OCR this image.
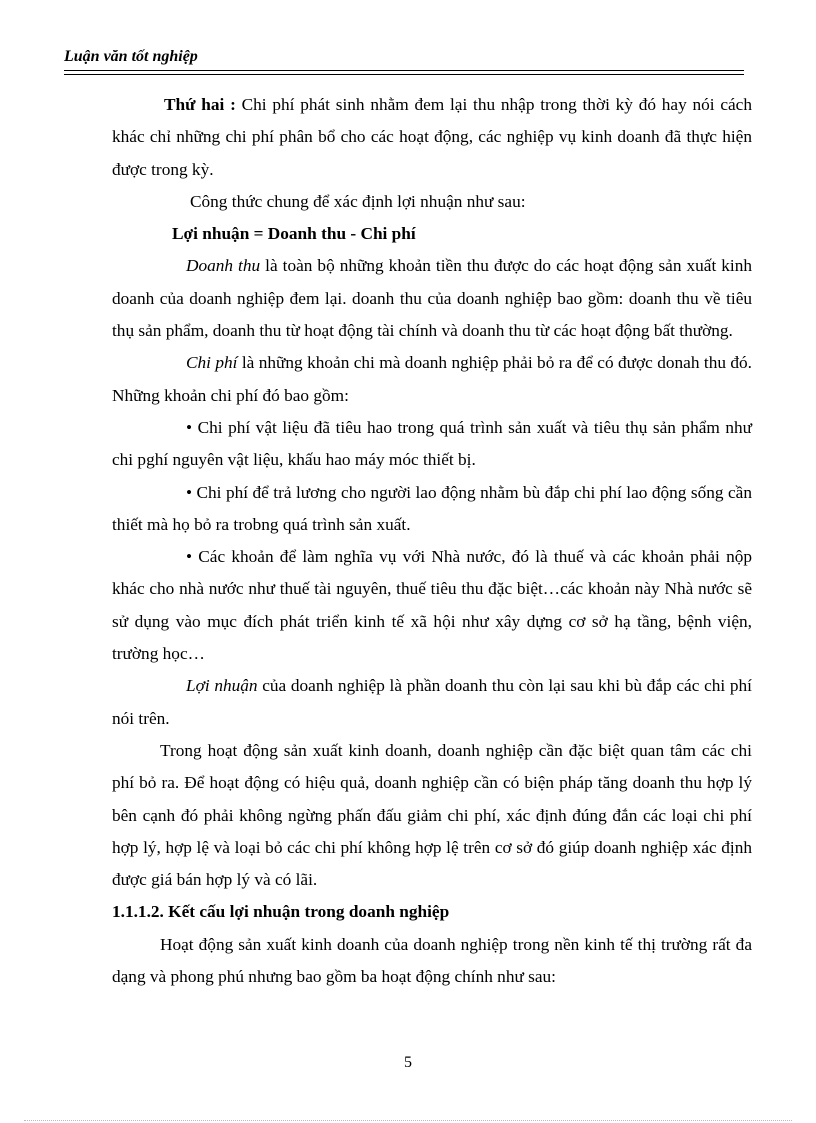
Luận văn tốt nghiệp

Thứ hai : Chi phí phát sinh nhằm đem lại thu nhập trong thời kỳ đó hay nói cách khác chỉ những chi phí phân bổ cho các hoạt động, các nghiệp vụ kinh doanh đã thực hiện được trong kỳ.

Công thức chung để xác định lợi nhuận như sau:

Lợi nhuận = Doanh thu - Chi phí

Doanh thu là toàn bộ những khoản tiền thu được do các hoạt động sản xuất kinh doanh của doanh nghiệp đem lại. doanh thu của doanh nghiệp bao gồm: doanh thu về tiêu thụ sản phẩm, doanh thu từ hoạt động tài chính và doanh thu từ các hoạt động bất thường.

Chi phí là những khoản chi mà doanh nghiệp phải bỏ ra để có được donah thu đó. Những khoản chi phí đó bao gồm:

• Chi phí vật liệu đã tiêu hao trong quá trình sản xuất và tiêu thụ sản phẩm như chi pghí nguyên vật liệu, khấu hao máy móc thiết bị.

• Chi phí để trả lương cho người lao động nhằm bù đắp chi phí lao động sống cần thiết mà họ bỏ ra trobng quá trình sản xuất.

• Các khoản để làm nghĩa vụ với Nhà nước, đó là thuế và các khoản phải nộp khác cho nhà nước như thuế tài nguyên, thuế tiêu thu đặc biệt…các khoản này Nhà nước sẽ sử dụng vào mục đích phát triển kinh tế xã hội như xây dựng cơ sở hạ tầng, bệnh viện, trường học…

Lợi nhuận của doanh nghiệp là phần doanh thu còn lại sau khi bù đắp các chi phí nói trên.

Trong hoạt động sản xuất kinh doanh, doanh nghiệp cần đặc biệt quan tâm các chi phí bỏ ra. Để hoạt động có hiệu quả, doanh nghiệp cần có biện pháp tăng doanh thu hợp lý bên cạnh đó phải không ngừng phấn đấu giảm chi phí, xác định đúng đắn các loại chi phí hợp lý, hợp lệ và loại bỏ các chi phí không hợp lệ trên cơ sở đó giúp doanh nghiệp xác định được giá bán hợp lý và có lãi.

1.1.1.2. Kết cấu lợi nhuận trong doanh nghiệp

Hoạt động sản xuất kinh doanh của doanh nghiệp trong nền kinh tế thị trường rất đa dạng và phong phú nhưng bao gồm ba hoạt động chính như sau:

5
